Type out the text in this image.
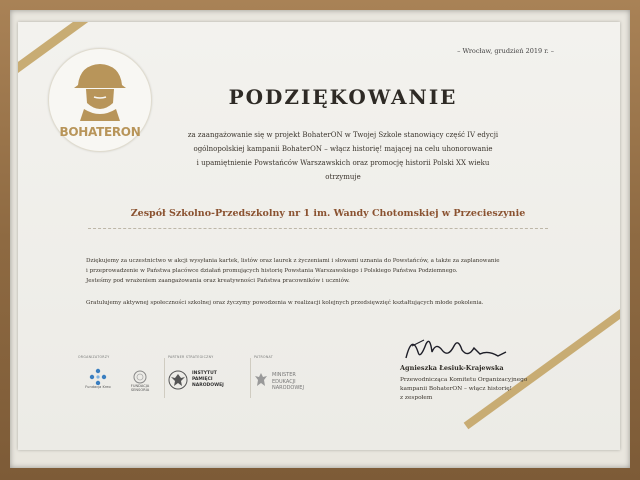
BOHATERON
– Wrocław, grudzień 2019 r. –
PODZIĘKOWANIE
za zaangażowanie się w projekt BohaterON w Twojej Szkole stanowiący część IV edycji
ogólnopolskiej kampanii BohaterON – włącz historię! mającej na celu uhonorowanie
i upamiętnienie Powstańców Warszawskich oraz promocję historii Polski XX wieku
otrzymuje
Zespół Szkolno-Przedszkolny nr 1 im. Wandy Chotomskiej w Przecieszynie

Dziękujemy za uczestnictwo w akcji wysyłania kartek, listów oraz laurek z życzeniami i słowami uznania do Powstańców, a także za zaplanowanie

i przeprowadzenie w Państwa placówce działań promujących historię Powstania Warszawskiego i Polskiego Państwa Podziemnego.

Jesteśmy pod wrażeniem zaangażowania oraz kreatywności Państwa pracowników i uczniów.

Gratulujemy aktywnej społeczności szkolnej oraz życzymy powodzenia w realizacji kolejnych przedsięwzięć kształtujących młode pokolenia.
Agnieszka Łesiuk-Krajewska
Przewodnicząca Komitetu Organizacyjnego
kampanii BohaterON – włącz historię!
z zespołem
ORGANIZATORZY	PARTNER STRATEGICZNY	PATRONAT
Fundacja Kreo	FUNDACJA SENSORIA
INSTYTUT
PAMIĘCI
NARODOWEJ
MINISTER
EDUKACJI
NARODOWEJ
